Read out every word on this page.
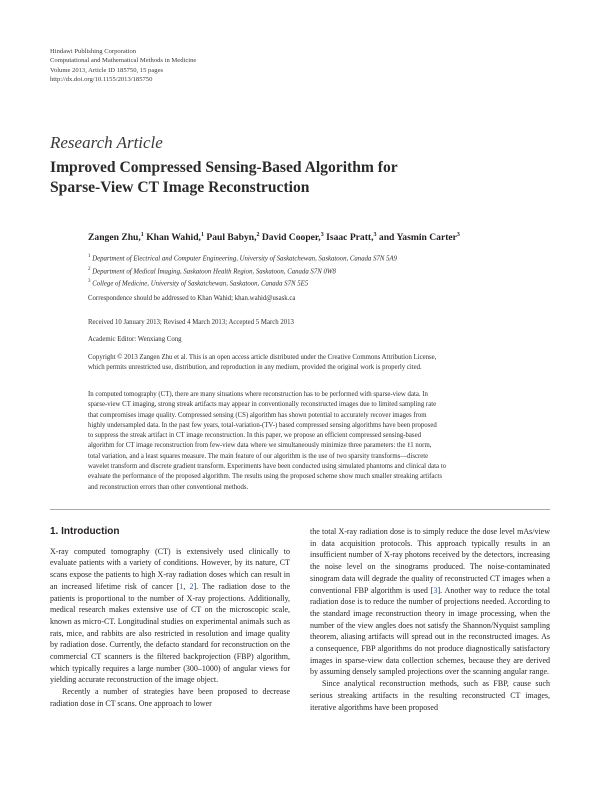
Hindawi Publishing Corporation
Computational and Mathematical Methods in Medicine
Volume 2013, Article ID 185750, 15 pages
http://dx.doi.org/10.1155/2013/185750
Research Article
Improved Compressed Sensing-Based Algorithm for
Sparse-View CT Image Reconstruction
Zangen Zhu,$^1$ Khan Wahid,$^1$ Paul Babyn,$^2$ David Cooper,$^3$ Isaac Pratt,$^3$ and Yasmin Carter$^3$
$^1$ Department of Electrical and Computer Engineering, University of Saskatchewan, Saskatoon, Canada S7N 5A9
$^2$ Department of Medical Imaging, Saskatoon Health Region, Saskatoon, Canada S7N 0W8
$^3$ College of Medicine, University of Saskatchewan, Saskatoon, Canada S7N 5E5
Correspondence should be addressed to Khan Wahid; khan.wahid@usask.ca
Received 10 January 2013; Revised 4 March 2013; Accepted 5 March 2013
Academic Editor: Wenxiang Cong
Copyright © 2013 Zangen Zhu et al. This is an open access article distributed under the Creative Commons Attribution License,
which permits unrestricted use, distribution, and reproduction in any medium, provided the original work is properly cited.
In computed tomography (CT), there are many situations where reconstruction has to be performed with sparse-view data. In
sparse-view CT imaging, strong streak artifacts may appear in conventionally reconstructed images due to limited sampling rate
that compromises image quality. Compressed sensing (CS) algorithm has shown potential to accurately recover images from
highly undersampled data. In the past few years, total-variation-(TV-) based compressed sensing algorithms have been proposed
to suppress the streak artifact in CT image reconstruction. In this paper, we propose an efficient compressed sensing-based
algorithm for CT image reconstruction from few-view data where we simultaneously minimize three parameters: the ℓ1 norm,
total variation, and a least squares measure. The main feature of our algorithm is the use of two sparsity transforms—discrete
wavelet transform and discrete gradient transform. Experiments have been conducted using simulated phantoms and clinical data to
evaluate the performance of the proposed algorithm. The results using the proposed scheme show much smaller streaking artifacts
and reconstruction errors than other conventional methods.
1. Introduction

X-ray computed tomography (CT) is extensively used clinically to evaluate patients with a variety of conditions. However, by its nature, CT scans expose the patients to high X-ray radiation doses which can result in an increased lifetime risk of cancer [1, 2]. The radiation dose to the patients is proportional to the number of X-ray projections. Additionally, medical research makes extensive use of CT on the microscopic scale, known as micro-CT. Longitudinal studies on experimental animals such as rats, mice, and rabbits are also restricted in resolution and image quality by radiation dose. Currently, the defacto standard for reconstruction on the commercial CT scanners is the filtered backprojection (FBP) algorithm, which typically requires a large number (300–1000) of angular views for yielding accurate reconstruction of the image object.

Recently a number of strategies have been proposed to decrease radiation dose in CT scans. One approach to lower

the total X-ray radiation dose is to simply reduce the dose level mAs/view in data acquisition protocols. This approach typically results in an insufficient number of X-ray photons received by the detectors, increasing the noise level on the sinograms produced. The noise-contaminated sinogram data will degrade the quality of reconstructed CT images when a conventional FBP algorithm is used [3]. Another way to reduce the total radiation dose is to reduce the number of projections needed. According to the standard image reconstruction theory in image processing, when the number of the view angles does not satisfy the Shannon/Nyquist sampling theorem, aliasing artifacts will spread out in the reconstructed images. As a consequence, FBP algorithms do not produce diagnostically satisfactory images in sparse-view data collection schemes, because they are derived by assuming densely sampled projections over the scanning angular range.

Since analytical reconstruction methods, such as FBP, cause such serious streaking artifacts in the resulting reconstructed CT images, iterative algorithms have been proposed
